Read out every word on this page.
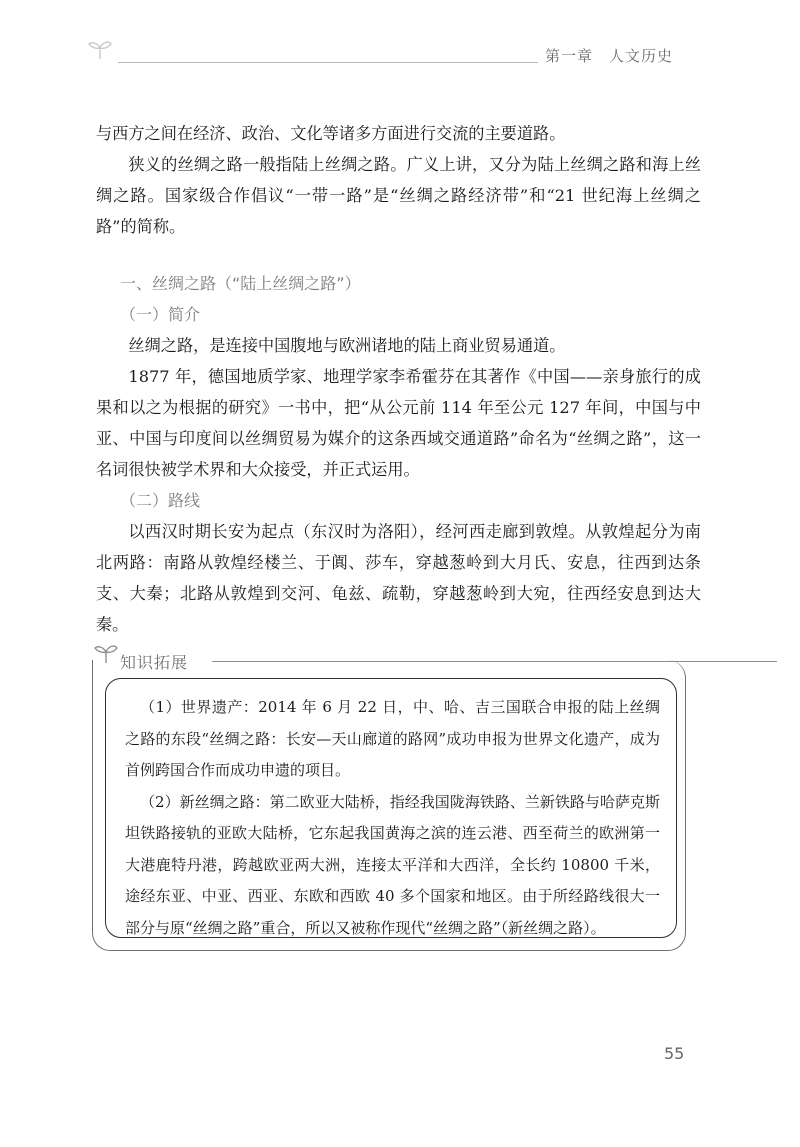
第一章　人文历史

与西方之间在经济、政治、文化等诸多方面进行交流的主要道路。

狭义的丝绸之路一般指陆上丝绸之路。广义上讲，又分为陆上丝绸之路和海上丝绸之路。国家级合作倡议“一带一路”是“丝绸之路经济带”和“21 世纪海上丝绸之路”的简称。

一、丝绸之路（“陆上丝绸之路”）

（一）简介

丝绸之路，是连接中国腹地与欧洲诸地的陆上商业贸易通道。

1877 年，德国地质学家、地理学家李希霍芬在其著作《中国——亲身旅行的成果和以之为根据的研究》一书中，把“从公元前 114 年至公元 127 年间，中国与中亚、中国与印度间以丝绸贸易为媒介的这条西域交通道路”命名为“丝绸之路”，这一名词很快被学术界和大众接受，并正式运用。

（二）路线

以西汉时期长安为起点（东汉时为洛阳），经河西走廊到敦煌。从敦煌起分为南北两路：南路从敦煌经楼兰、于阗、莎车，穿越葱岭到大月氏、安息，往西到达条支、大秦；北路从敦煌到交河、龟兹、疏勒，穿越葱岭到大宛，往西经安息到达大秦。

知识拓展

（1）世界遗产：2014 年 6 月 22 日，中、哈、吉三国联合申报的陆上丝绸之路的东段“丝绸之路：长安—天山廊道的路网”成功申报为世界文化遗产，成为首例跨国合作而成功申遗的项目。

（2）新丝绸之路：第二欧亚大陆桥，指经我国陇海铁路、兰新铁路与哈萨克斯坦铁路接轨的亚欧大陆桥，它东起我国黄海之滨的连云港、西至荷兰的欧洲第一大港鹿特丹港，跨越欧亚两大洲，连接太平洋和大西洋，全长约 10800 千米，途经东亚、中亚、西亚、东欧和西欧 40 多个国家和地区。由于所经路线很大一部分与原“丝绸之路”重合，所以又被称作现代“丝绸之路”（新丝绸之路）。

55
